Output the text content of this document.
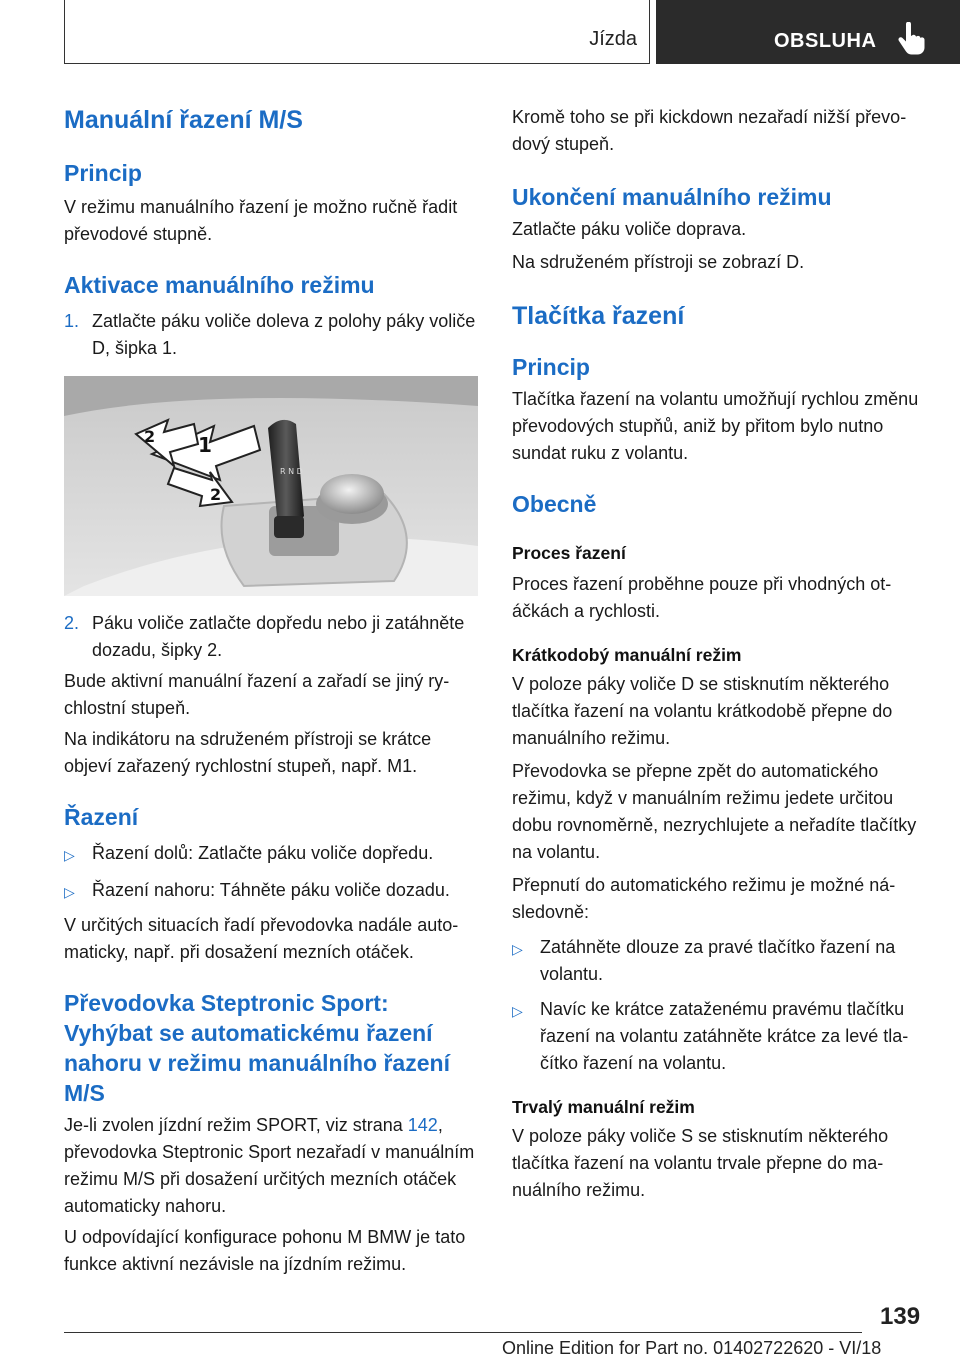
Jízda	OBSLUHA
Manuální řazení M/S
Princip

V režimu manuálního řazení je možno ručně řadit převodové stupně.

Aktivace manuálního režimu
1. Zatlačte páku voliče doleva z polohy páky voliče D, šipka 1.
R N D
1
2
2
2. Páku voliče zatlačte dopředu nebo ji zatáhněte dozadu, šipky 2.

Bude aktivní manuální řazení a zařadí se jiný rychlostní stupeň.

Na indikátoru na sdruženém přístroji se krátce objeví zařazený rychlostní stupeň, např. M1.

Řazení
▷ Řazení dolů: Zatlačte páku voliče dopředu.
▷ Řazení nahoru: Táhněte páku voliče dozadu.

V určitých situacích řadí převodovka nadále automaticky, např. při dosažení mezních otáček.

Převodovka Steptronic Sport: Vyhýbat se automatickému řazení nahoru v režimu manuálního řazení M/S

Je-li zvolen jízdní režim SPORT, viz strana 142, převodovka Steptronic Sport nezařadí v manuálním režimu M/S při dosažení určitých mezních otáček automaticky nahoru.

U odpovídající konfigurace pohonu M BMW je tato funkce aktivní nezávisle na jízdním režimu.

Kromě toho se při kickdown nezařadí nižší převodový stupeň.

Ukončení manuálního režimu

Zatlačte páku voliče doprava.

Na sdruženém přístroji se zobrazí D.

Tlačítka řazení
Princip

Tlačítka řazení na volantu umožňují rychlou změnu převodových stupňů, aniž by přitom bylo nutno sundat ruku z volantu.

Obecně
Proces řazení

Proces řazení proběhne pouze při vhodných otáčkách a rychlosti.

Krátkodobý manuální režim

V poloze páky voliče D se stisknutím některého tlačítka řazení na volantu krátkodobě přepne do manuálního režimu.

Převodovka se přepne zpět do automatického režimu, když v manuálním režimu jedete určitou dobu rovnoměrně, nezrychlujete a neřadíte tlačítky na volantu.

Přepnutí do automatického režimu je možné následovně:

▷ Zatáhněte dlouze za pravé tlačítko řazení na volantu.
▷ Navíc ke krátce zataženému pravému tlačítku řazení na volantu zatáhněte krátce za levé tlačítko řazení na volantu.
Trvalý manuální režim

V poloze páky voliče S se stisknutím některého tlačítka řazení na volantu trvale přepne do manuálního režimu.

139
Online Edition for Part no. 01402722620 - VI/18
